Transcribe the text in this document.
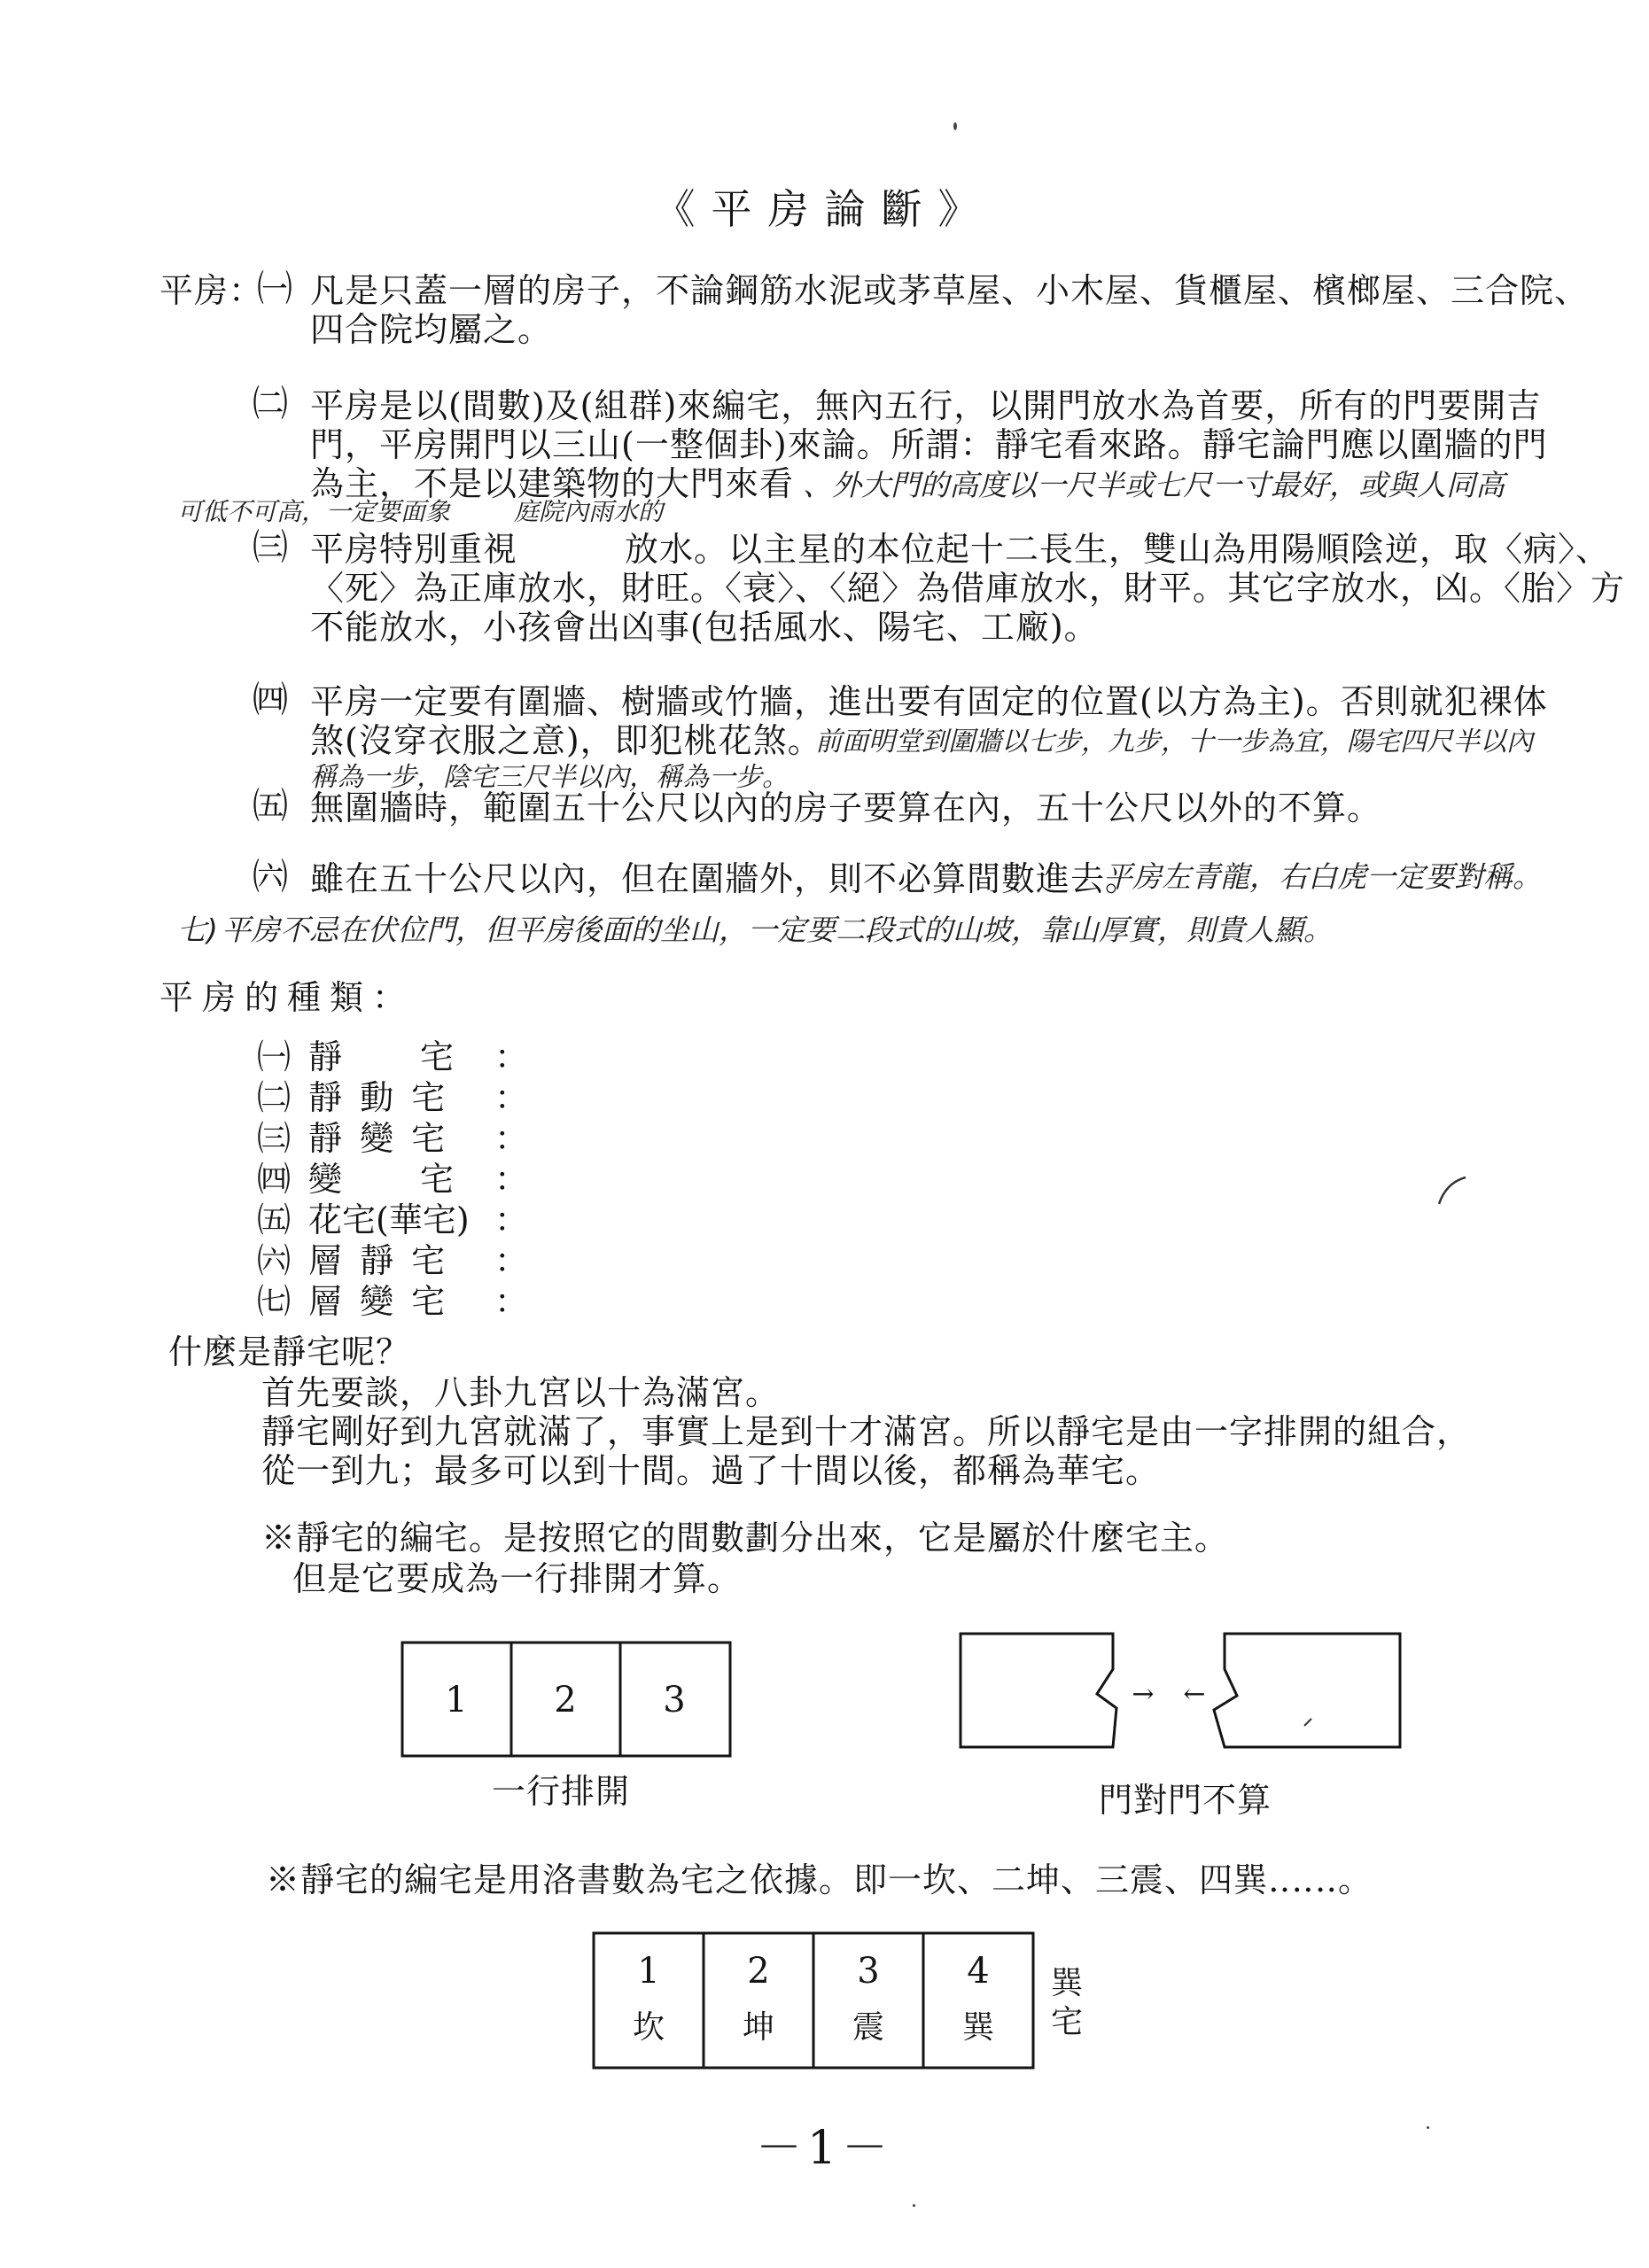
《平房論斷》
平房：
㈠ 凡是只蓋一層的房子，不論鋼筋水泥或茅草屋、小木屋、貨櫃屋、檳榔屋、三合院、
四合院均屬之。
㈡ 平房是以(間數)及(組群)來編宅，無內五行，以開門放水為首要，所有的門要開吉
門，平房開門以三山(一整個卦)來論。所謂：靜宅看來路。靜宅論門應以圍牆的門
為主，不是以建築物的大門來看 、外大門的高度以一尺半或七尺一寸最好，或與人同高
可低不可高，一定要面象	庭院內雨水的
㈢ 平房特別重視	放水。以主星的本位起十二長生，雙山為用陽順陰逆，取〈病〉、
〈死〉為正庫放水，財旺。〈衰〉、〈絕〉為借庫放水，財平。其它字放水，凶。〈胎〉方
不能放水，小孩會出凶事(包括風水、陽宅、工廠)。
㈣ 平房一定要有圍牆、樹牆或竹牆，進出要有固定的位置(以方為主)。否則就犯裸体
煞(沒穿衣服之意)，即犯桃花煞。
前面明堂到圍牆以七步，九步，十一步為宜，陽宅四尺半以內
稱為一步，陰宅三尺半以內，稱為一步。
㈤ 無圍牆時，範圍五十公尺以內的房子要算在內，五十公尺以外的不算。
㈥ 雖在五十公尺以內，但在圍牆外，則不必算間數進去。
平房左青龍，右白虎一定要對稱。
七) 平房不忌在伏位門，但平房後面的坐山，一定要二段式的山坡，靠山厚實，則貴人顯。
平房的種類：
㈠ 靜　　宅	：
㈡ 靜 動 宅	：
㈢ 靜 變 宅	：
㈣ 變　　宅	：
㈤ 花宅(華宅) ：
㈥ 層 靜 宅	：
㈦ 層 變 宅	：
什麼是靜宅呢？
首先要談，八卦九宮以十為滿宮。
靜宅剛好到九宮就滿了，事實上是到十才滿宮。所以靜宅是由一字排開的組合，
從一到九；最多可以到十間。過了十間以後，都稱為華宅。
※靜宅的編宅。是按照它的間數劃分出來，它是屬於什麼宅主。
但是它要成為一行排開才算。
1 2 3
一行排開
→ ←
門對門不算
※靜宅的編宅是用洛書數為宅之依據。即一坎、二坤、三震、四巽‥‥‥。
1
坎
2
坤
3
震
4
巽
巽
宅
－1－
